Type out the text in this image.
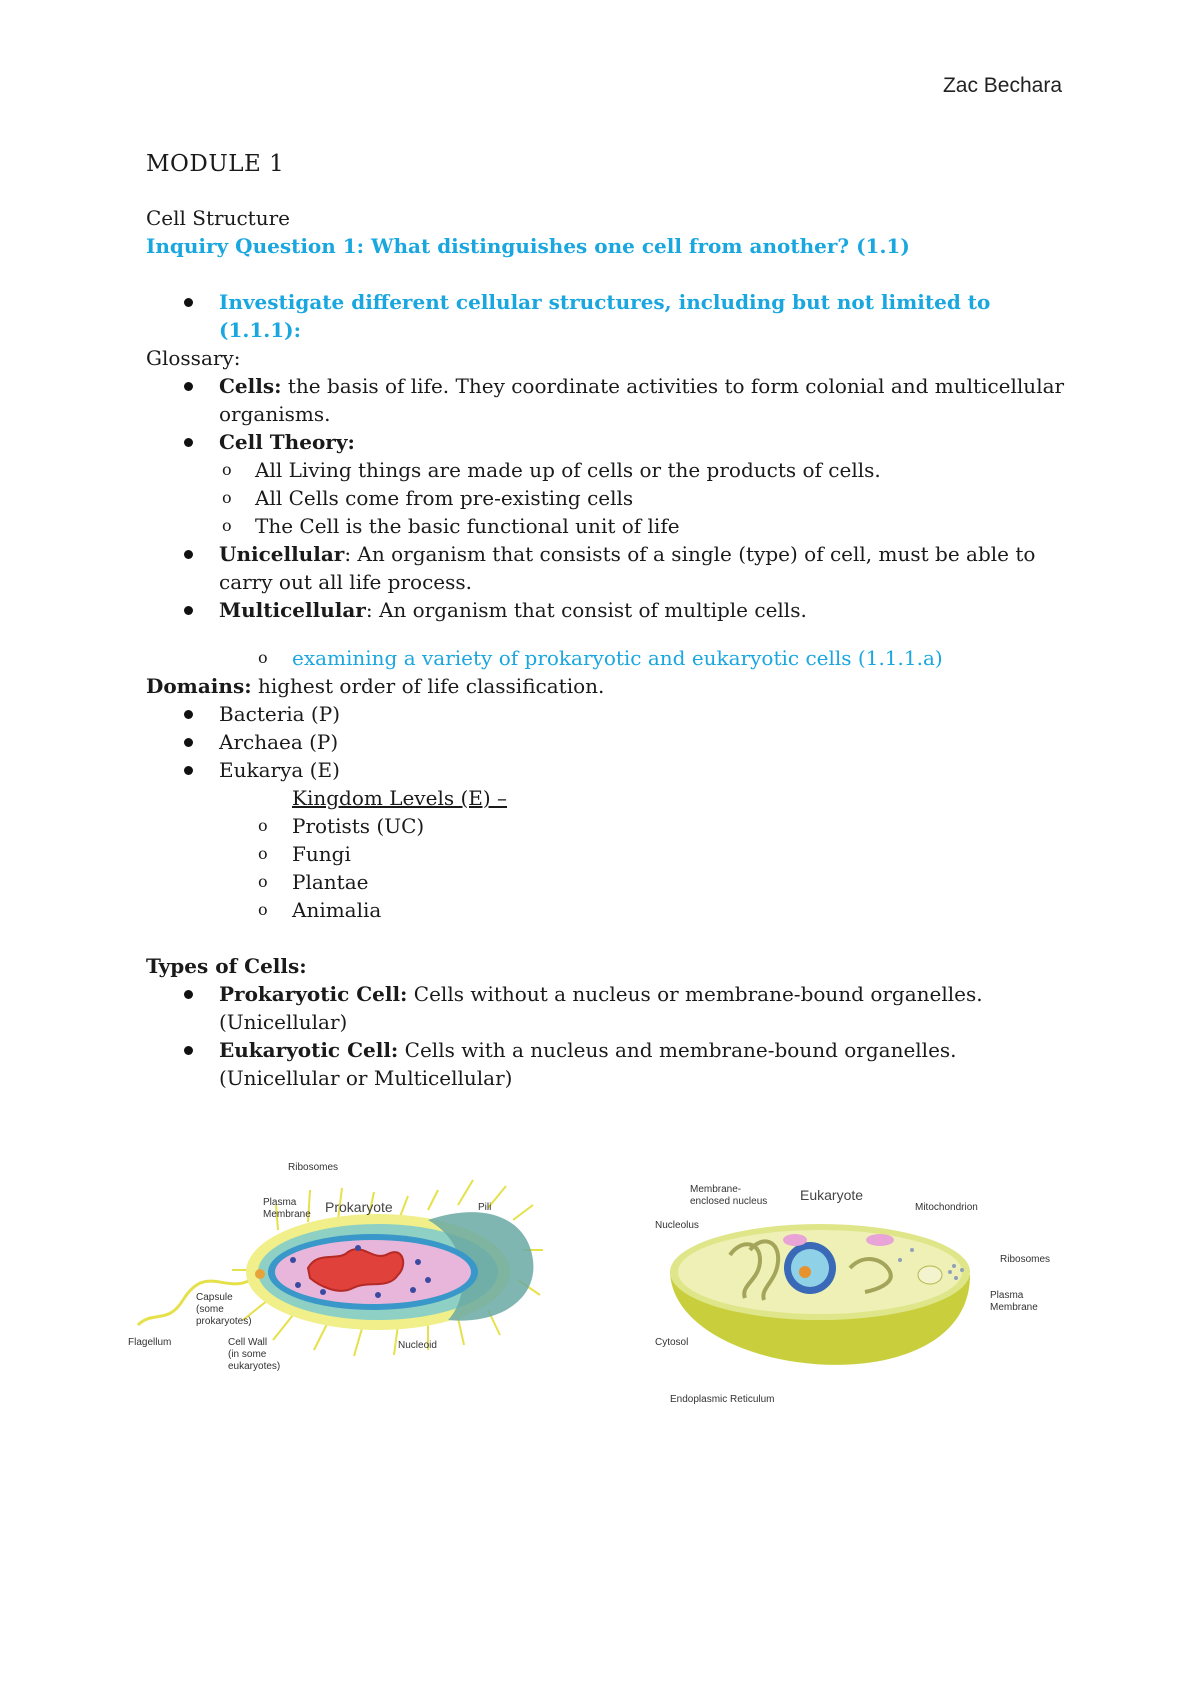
Zac Bechara

MODULE 1

Cell Structure

Inquiry Question 1: What distinguishes one cell from another? (1.1)

Investigate different cellular structures, including but not limited to (1.1.1):

Glossary:

Cells: the basis of life. They coordinate activities to form colonial and multicellular organisms.
Cell Theory:
o All Living things are made up of cells or the products of cells.
o All Cells come from pre-existing cells
o The Cell is the basic functional unit of life
Unicellular: An organism that consists of a single (type) of cell, must be able to carry out all life process.
Multicellular: An organism that consist of multiple cells.
o examining a variety of prokaryotic and eukaryotic cells (1.1.1.a)

Domains: highest order of life classification.

Bacteria (P)
Archaea (P)
Eukarya (E)
Kingdom Levels (E) –
o Protists (UC)
o Fungi
o Plantae
o Animalia

Types of Cells:

Prokaryotic Cell: Cells without a nucleus or membrane-bound organelles. (Unicellular)
Eukaryotic Cell: Cells with a nucleus and membrane-bound organelles. (Unicellular or Multicellular)
Prokaryote
Ribosomes
Plasma
Membrane
Pili
Capsule
(some
prokaryotes)
Flagellum	Cell Wall
(in some
eukaryotes)
Nucleoid
Eukaryote
Membrane-
enclosed nucleus
Nucleolus
Mitochondrion
Ribosomes
Plasma
Membrane
Cytosol
Endoplasmic Reticulum
